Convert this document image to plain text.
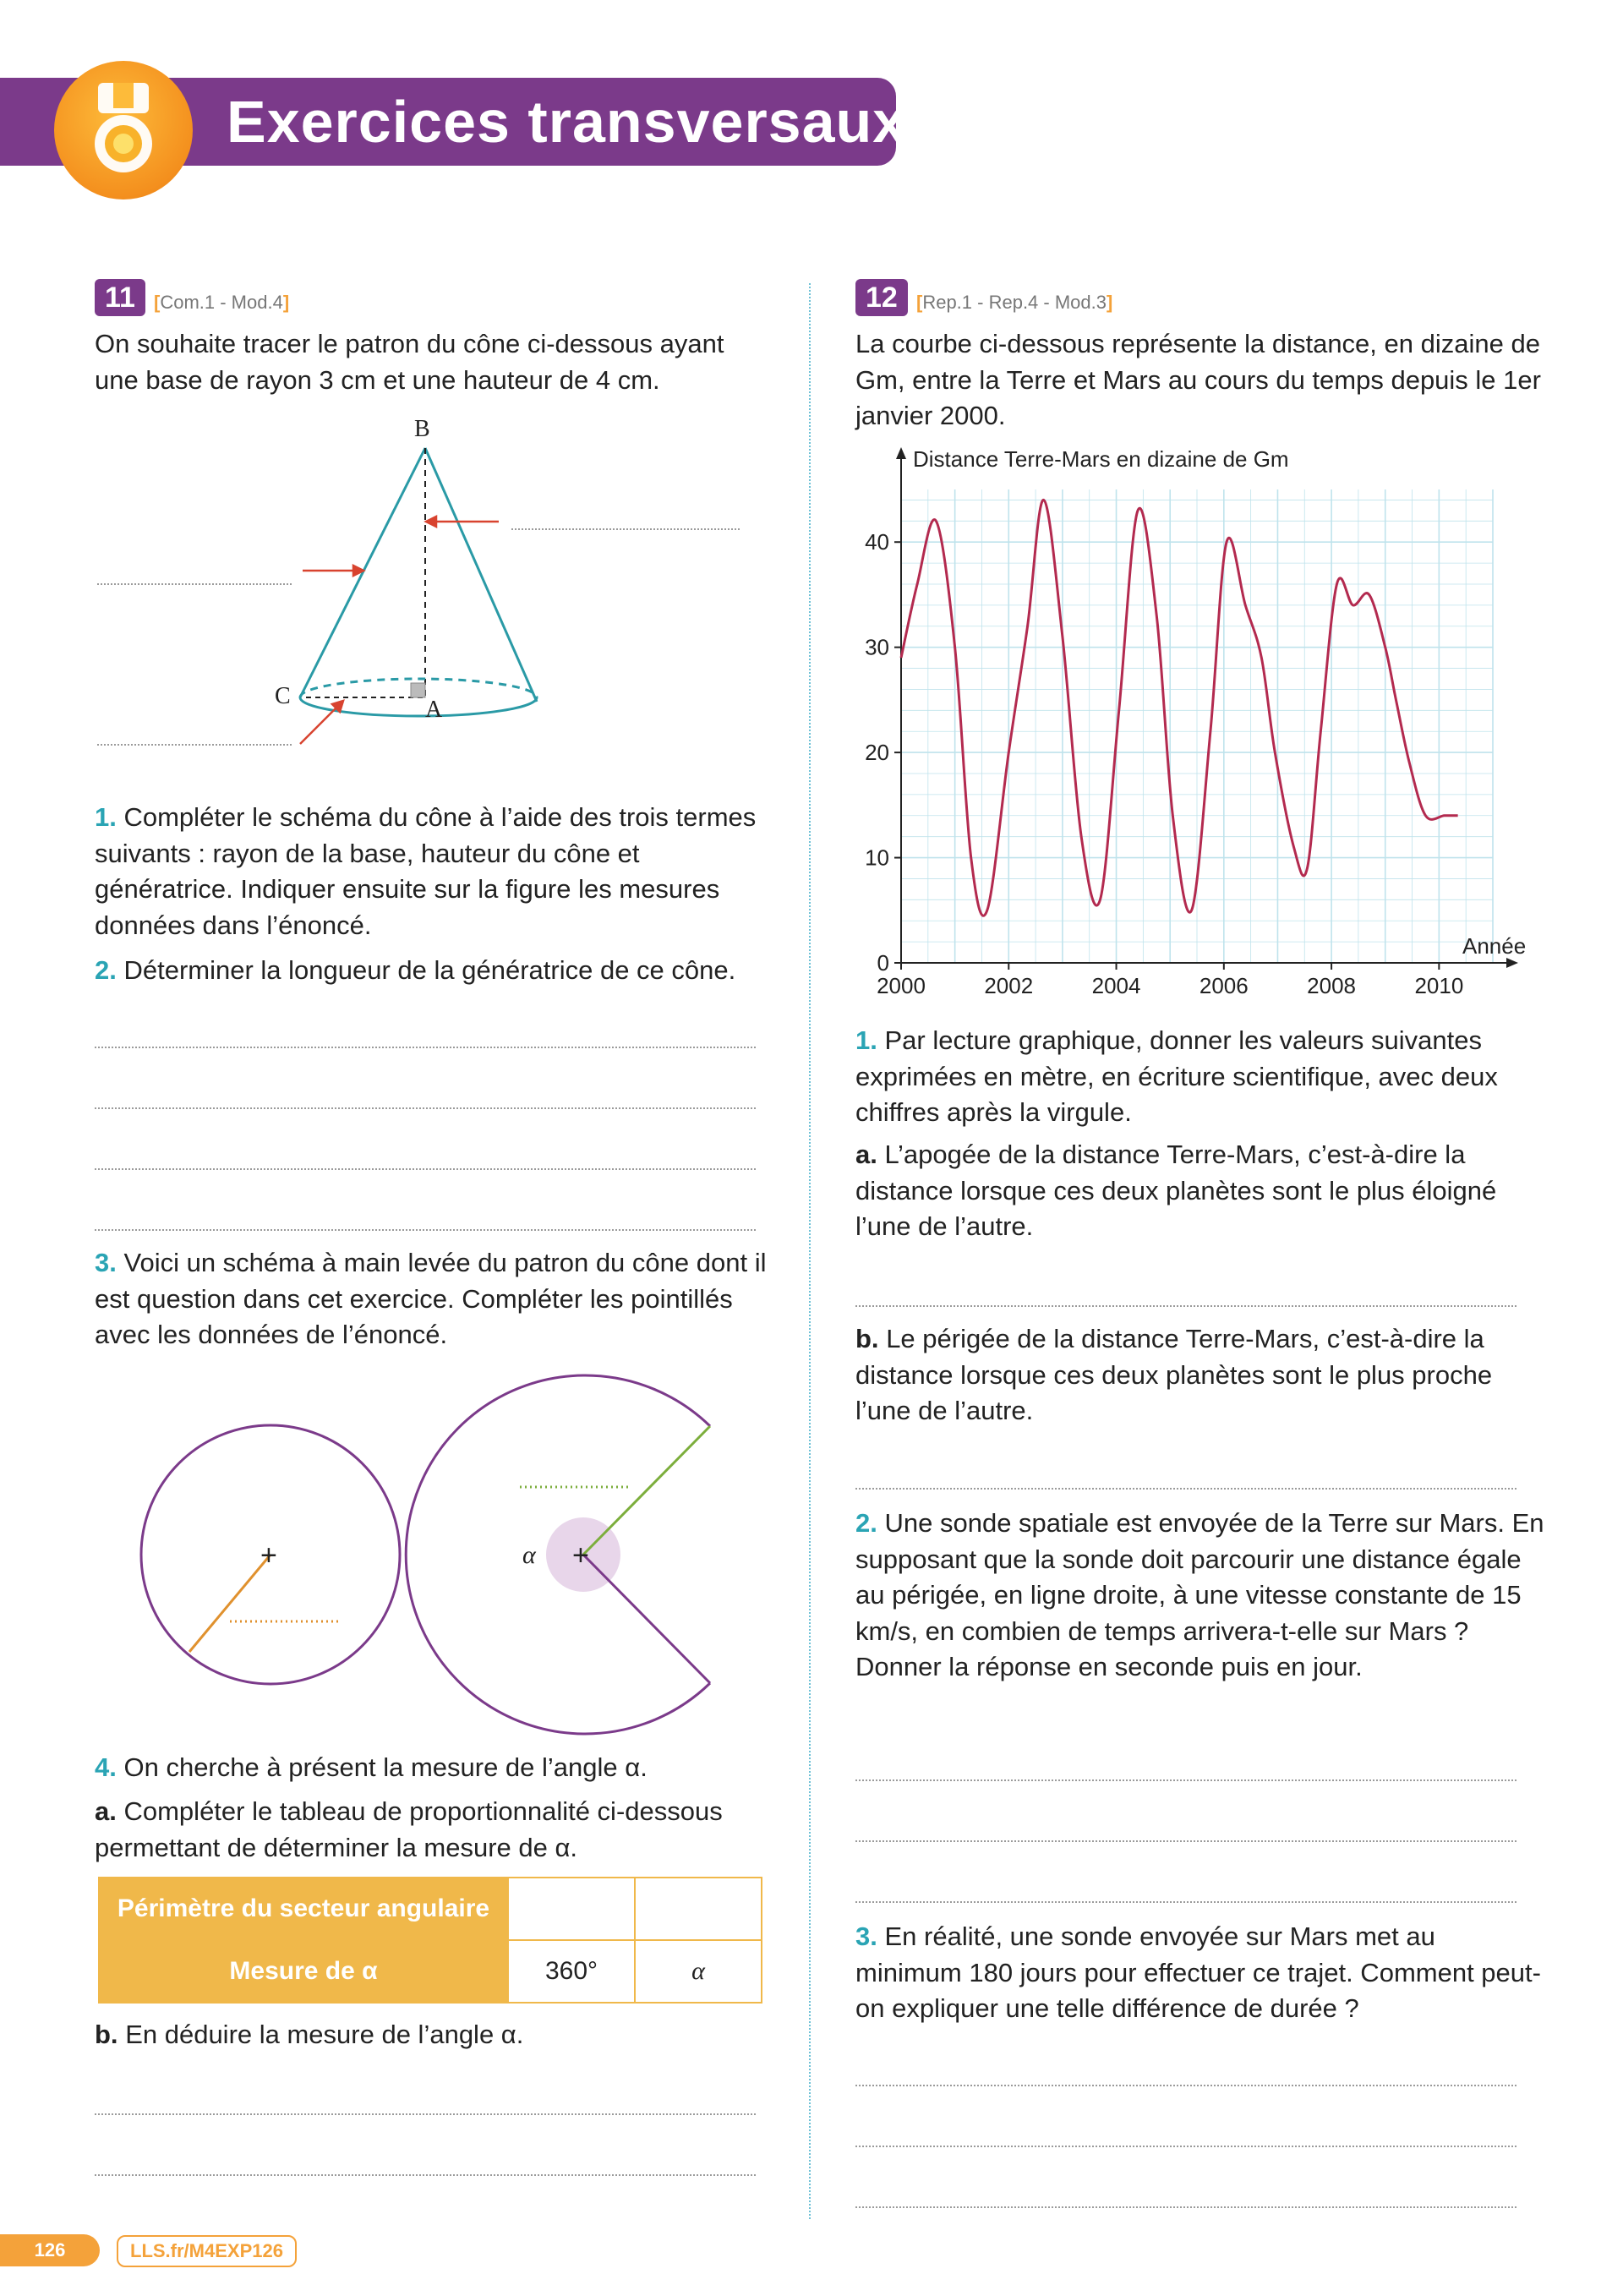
Exercices transversaux
11	[Com.1 - Mod.4]
On souhaite tracer le patron du cône ci-dessous ayant une base de rayon 3 cm et une hauteur de 4 cm.
B
C
A
1. Compléter le schéma du cône à l’aide des trois termes suivants : rayon de la base, hauteur du cône et génératrice. Indiquer ensuite sur la figure les mesures données dans l’énoncé.
2. Déterminer la longueur de la génératrice de ce cône.
3. Voici un schéma à main levée du patron du cône dont il est question dans cet exercice. Compléter les pointillés avec les données de l’énoncé.
+	+
α
4. On cherche à présent la mesure de l’angle α.
a. Compléter le tableau de proportionnalité ci-dessous permettant de déterminer la mesure de α.
Périmètre du secteur angulaire		
Mesure de α	360°	α
b. En déduire la mesure de l’angle α.
12	[Rep.1 - Rep.4 - Mod.3]
La courbe ci-dessous représente la distance, en dizaine de Gm, entre la Terre et Mars au cours du temps depuis le 1er janvier 2000.
0
10
20
30
40
2000	2002	2004	2006	2008	2010
Distance Terre-Mars en dizaine de Gm
Année
1. Par lecture graphique, donner les valeurs suivantes exprimées en mètre, en écriture scientifique, avec deux chiffres après la virgule.
a. L’apogée de la distance Terre-Mars, c’est-à-dire la distance lorsque ces deux planètes sont le plus éloigné l’une de l’autre.
b. Le périgée de la distance Terre-Mars, c’est-à-dire la distance lorsque ces deux planètes sont le plus proche l’une de l’autre.
2. Une sonde spatiale est envoyée de la Terre sur Mars. En supposant que la sonde doit parcourir une distance égale au périgée, en ligne droite, à une vitesse constante de 15 km/s, en combien de temps arrivera-t-elle sur Mars ? Donner la réponse en seconde puis en jour.
3. En réalité, une sonde envoyée sur Mars met au minimum 180 jours pour effectuer ce trajet. Comment peut-on expliquer une telle différence de durée ?
126	LLS.fr/M4EXP126
